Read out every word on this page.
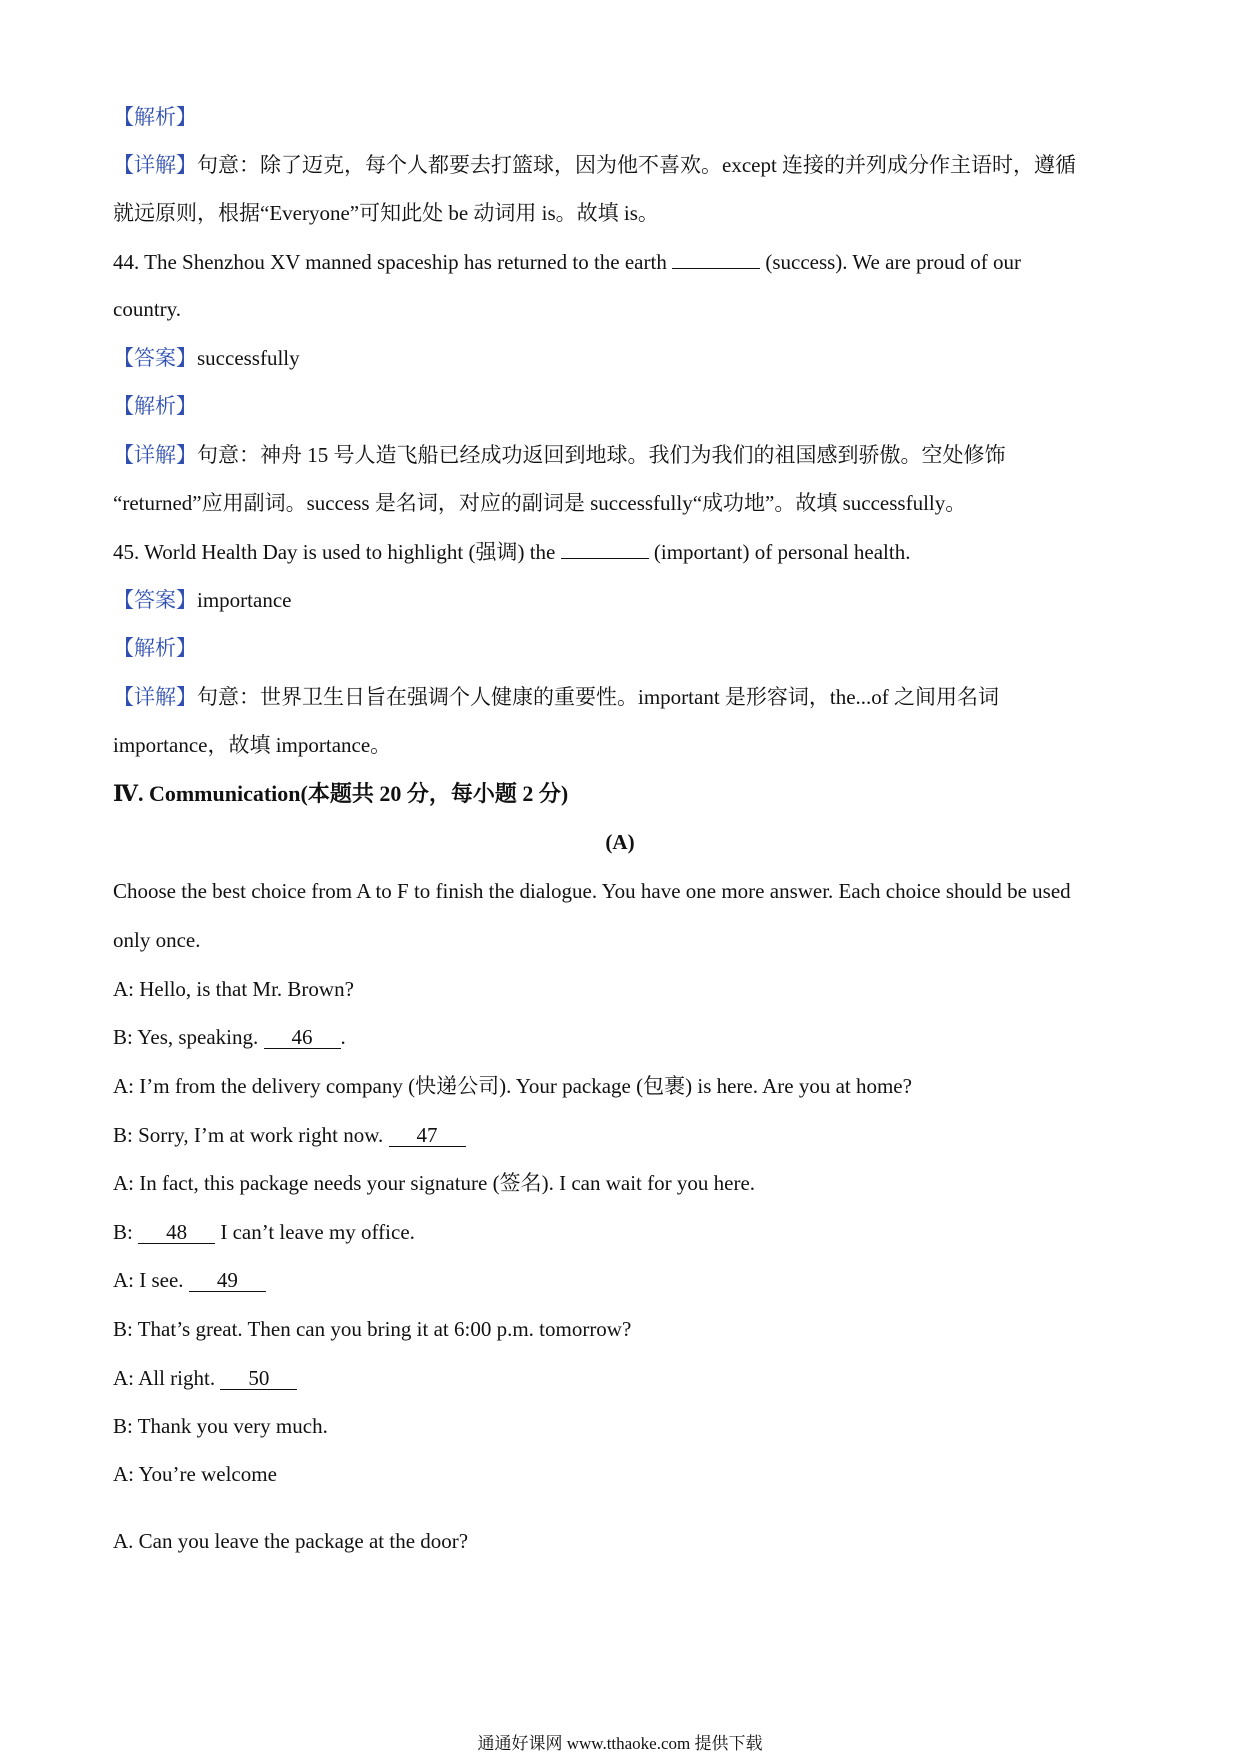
【解析】
【详解】句意：除了迈克，每个人都要去打篮球，因为他不喜欢。except 连接的并列成分作主语时，遵循
就远原则，根据“Everyone”可知此处 be 动词用 is。故填 is。
44. The Shenzhou XV manned spaceship has returned to the earth	(success). We are proud of our
country.
【答案】successfully
【解析】
【详解】句意：神舟 15 号人造飞船已经成功返回到地球。我们为我们的祖国感到骄傲。空处修饰
“returned”应用副词。success 是名词，对应的副词是 successfully“成功地”。故填 successfully。
45. World Health Day is used to highlight (强调) the	(important) of personal health.
【答案】importance
【解析】
【详解】句意：世界卫生日旨在强调个人健康的重要性。important 是形容词，the...of 之间用名词
importance，故填 importance。
Ⅳ. Communication(本题共 20 分，每小题 2 分)
(A)
Choose the best choice from A to F to finish the dialogue. You have one more answer. Each choice should be used
only once.
A: Hello, is that Mr. Brown?
B: Yes, speaking. 46 .
A: I’m from the delivery company (快递公司). Your package (包裹) is here. Are you at home?
B: Sorry, I’m at work right now. 47
A: In fact, this package needs your signature (签名). I can wait for you here.
B: 48 I can’t leave my office.
A: I see. 49
B: That’s great. Then can you bring it at 6:00 p.m. tomorrow?
A: All right. 50
B: Thank you very much.
A: You’re welcome
A. Can you leave the package at the door?
通通好课网 www.tthaoke.com 提供下载
